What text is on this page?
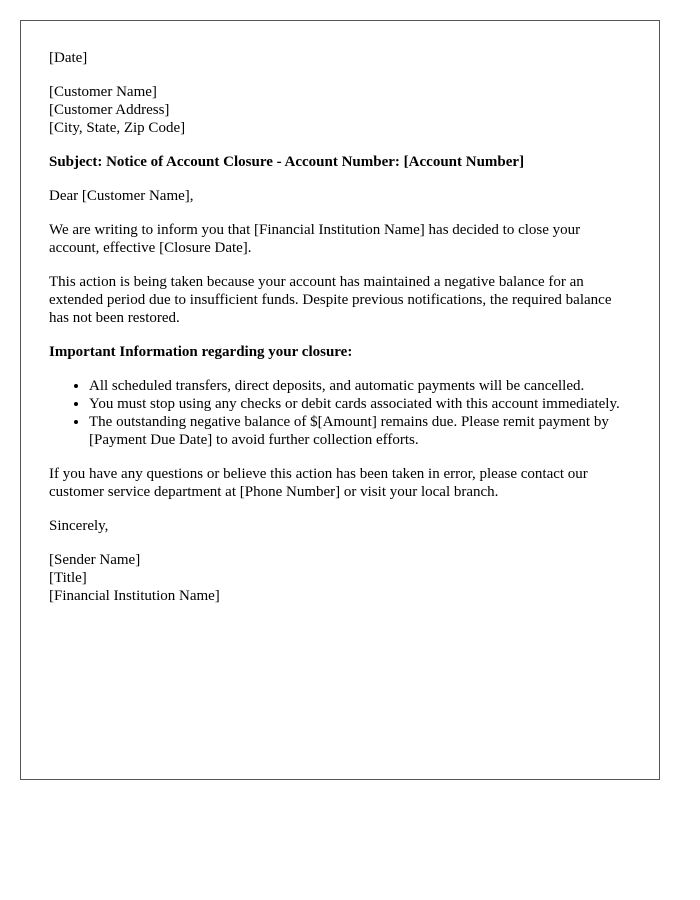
[Date]
[Customer Name]
[Customer Address]
[City, State, Zip Code]

Subject: Notice of Account Closure - Account Number: [Account Number]

Dear [Customer Name],

We are writing to inform you that [Financial Institution Name] has decided to close your account, effective [Closure Date].

This action is being taken because your account has maintained a negative balance for an extended period due to insufficient funds. Despite previous notifications, the required balance has not been restored.

Important Information regarding your closure:

• All scheduled transfers, direct deposits, and automatic payments will be cancelled.
• You must stop using any checks or debit cards associated with this account immediately.
• The outstanding negative balance of $[Amount] remains due. Please remit payment by [Payment Due Date] to avoid further collection efforts.

If you have any questions or believe this action has been taken in error, please contact our customer service department at [Phone Number] or visit your local branch.

Sincerely,

[Sender Name]
[Title]
[Financial Institution Name]
